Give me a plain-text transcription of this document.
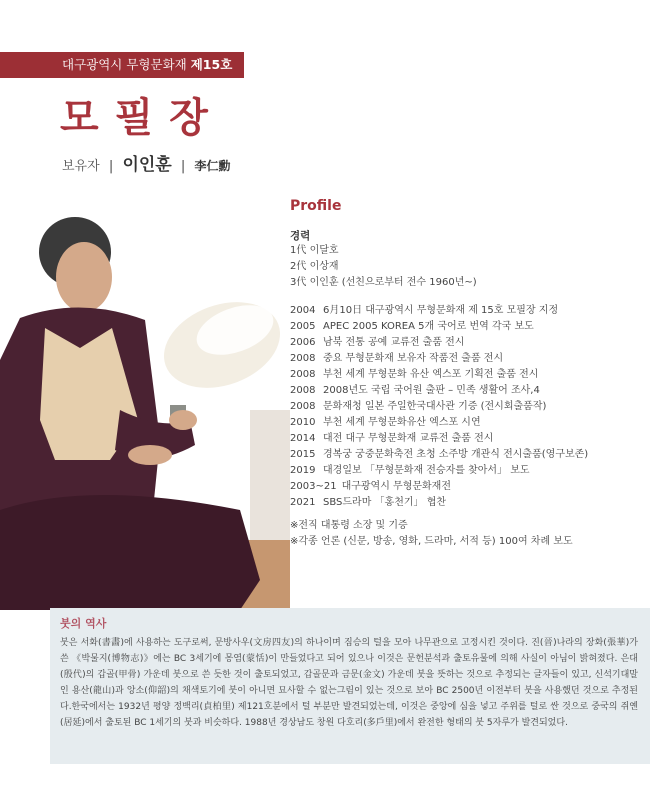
대구광역시 무형문화재 제15호
모필장
보유자 | 이인훈 | 李仁勳
Profile
경력
1代 이달호
2代 이상재
3代 이인훈 (선친으로부터 전수 1960년~)
2004 6月10日 대구광역시 무형문화재 제 15호 모필장 지정
2005 APEC 2005 KOREA 5개 국어로 번역 각국 보도
2006 남북 전통 공예 교류전 출품 전시
2008 중요 무형문화재 보유자 작품전 출품 전시
2008 부천 세계 무형문화 유산 엑스포 기획전 출품 전시
2008 2008년도 국립 국어원 출판 – 민족 생활어 조사,4
2008 문화재청 일본 주일한국대사관 기증 (전시회출품작)
2010 부천 세계 무형문화유산 엑스포 시연
2014 대전 대구 무형문화재 교류전 출품 전시
2015 경복궁 궁중문화축전 초청 소주방 개관식 전시출품(영구보존)
2019 대경일보 「무형문화재 전승자를 찾아서」 보도
2003~21 대구광역시 무형문화재전
2021 SBS드라마 「홍천기」 협찬
※전직 대통령 소장 및 기증
※각종 언론 (신문, 방송, 영화, 드라마, 서적 등) 100여 차례 보도
붓의 역사
붓은 서화(書畵)에 사용하는 도구로써, 문방사우(文房四友)의 하나이며 짐승의 털을 모아 나무관으로 고정시킨 것이다. 진(晉)나라의 장화(張華)가 쓴 《박물지(博物志)》에는 BC 3세기에 몽염(蒙恬)이 만들었다고 되어 있으나 이것은 문헌분석과 출토유물에 의해 사실이 아님이 밝혀졌다. 은대(殷代)의 갑골(甲骨) 가운데 붓으로 쓴 듯한 것이 출토되었고, 갑골문과 금문(金文) 가운데 붓을 뜻하는 것으로 추정되는 글자들이 있고, 신석기대말인 용산(龍山)과 앙소(仰韶)의 채색토기에 붓이 아니면 묘사할 수 없는그림이 있는 것으로 보아 BC 2500년 이전부터 붓을 사용했던 것으로 추정된다.한국에서는 1932년 평양 정백리(貞柏里) 제121호분에서 털 부분만 발견되었는데, 이것은 중앙에 심을 넣고 주위를 털로 싼 것으로 중국의 쥐옌(居延)에서 출토된 BC 1세기의 붓과 비슷하다. 1988년 경상남도 창원 다호리(多戶里)에서 완전한 형태의 붓 5자루가 발견되었다.
